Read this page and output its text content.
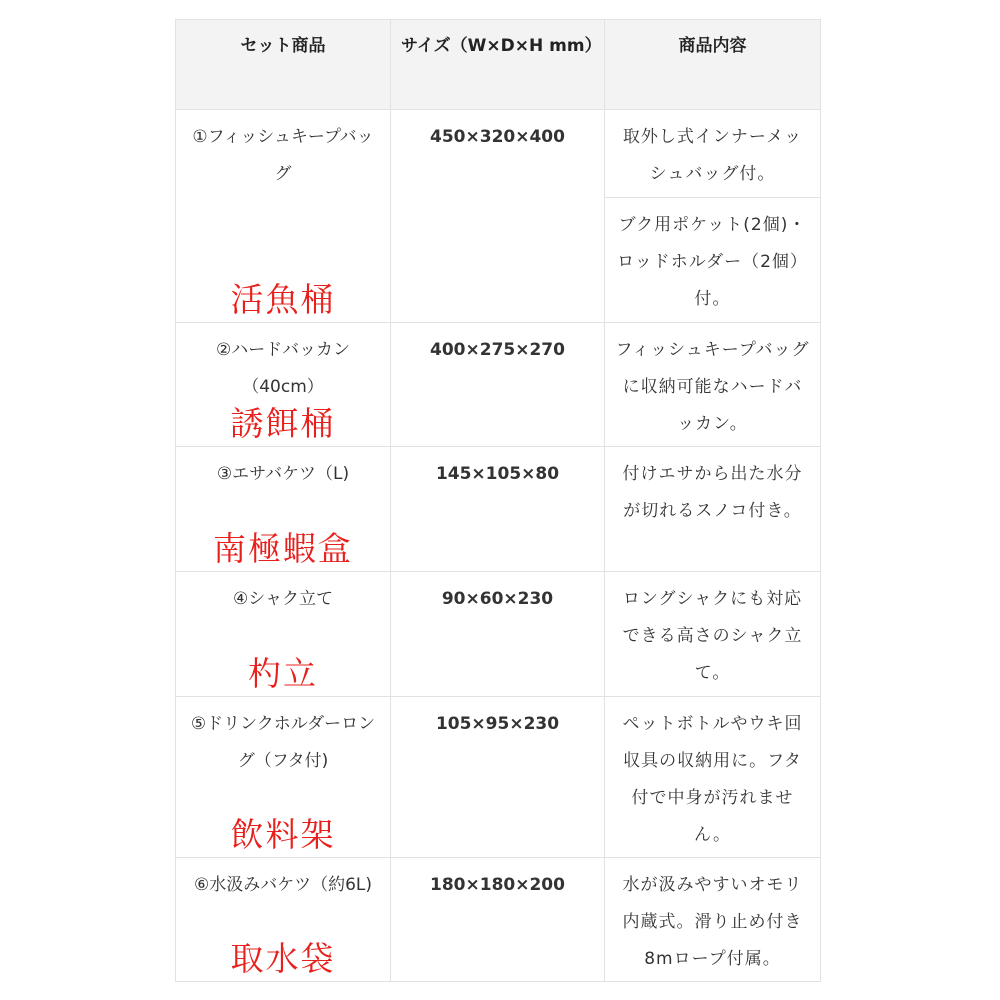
セット商品	サイズ（W×D×H mm）	商品内容

①フィッシュキープバッグ
活魚桶	450×320×400	取外し式インナーメッシュバッグ付。
		ブク用ポケット(2個)・ロッドホルダー（2個）付。

②ハードバッカン（40cm）
誘餌桶	400×275×270	フィッシュキープバッグに収納可能なハードバッカン。

③エサバケツ（L)
南極蝦盒	145×105×80	付けエサから出た水分が切れるスノコ付き。

④シャク立て
杓立	90×60×230	ロングシャクにも対応できる高さのシャク立て。

⑤ドリンクホルダーロング（フタ付)
飲料架	105×95×230	ペットボトルやウキ回収具の収納用に。フタ付で中身が汚れません。

⑥水汲みバケツ（約6L)
取水袋	180×180×200	水が汲みやすいオモリ内蔵式。滑り止め付き8mロープ付属。
